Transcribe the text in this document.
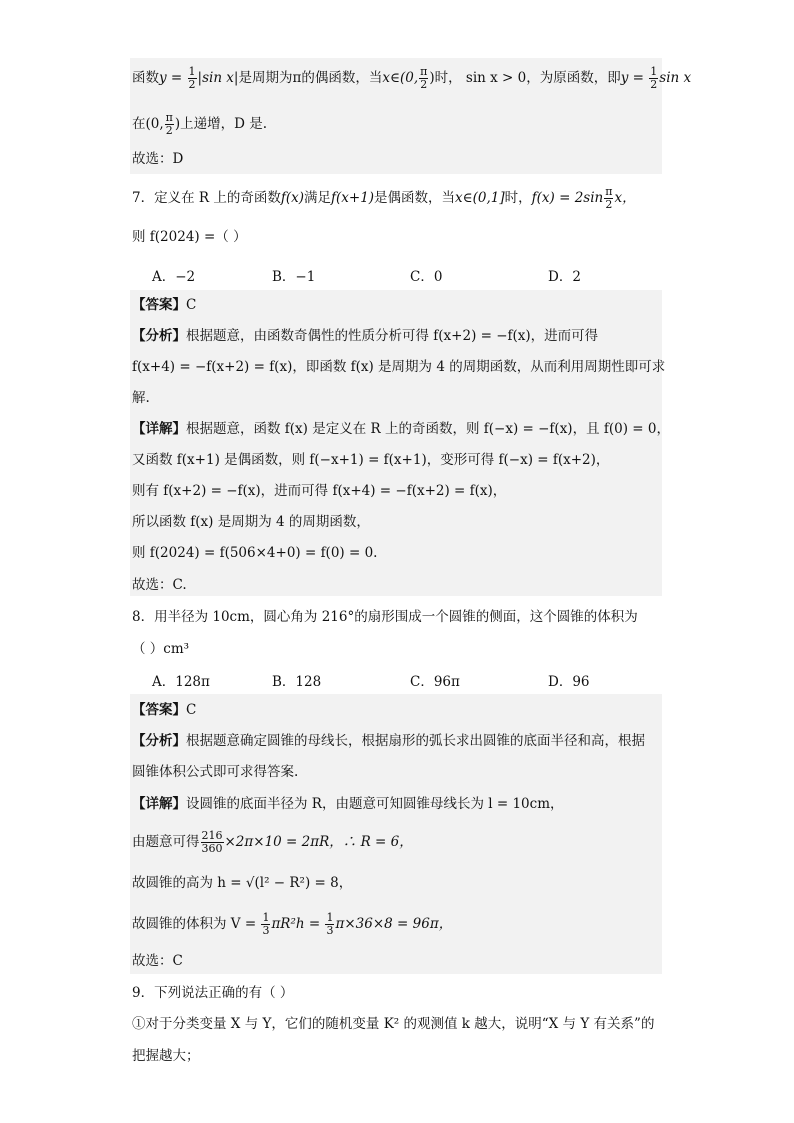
函数$y = \frac{1}{2} |\sin$ x|是周期为π的偶函数，当x∈(0, $\frac{\pi}{2}$ )时， sin x > 0，为原函数，即$y = \frac{1}{2}$ sin x
在(0, $\frac{\pi}{2}$ )上递增，D 是.
故选：D
7．定义在 R 上的奇函数f(x)满足f(x+1)是偶函数，当x∈(0,1]时，$f(x) = 2\sin \frac{\pi}{2}$ x，
则 f(2024) =（ ）
A．−2	B．−1	C．0	D．2
【答案】C
【分析】根据题意，由函数奇偶性的性质分析可得 f(x+2) = −f(x)，进而可得
f(x+4) = −f(x+2) = f(x)，即函数 f(x) 是周期为 4 的周期函数，从而利用周期性即可求
解.
【详解】根据题意，函数 f(x) 是定义在 R 上的奇函数，则 f(−x) = −f(x)，且 f(0) = 0，
又函数 f(x+1) 是偶函数，则 f(−x+1) = f(x+1)，变形可得 f(−x) = f(x+2)，
则有 f(x+2) = −f(x)，进而可得 f(x+4) = −f(x+2) = f(x)，
所以函数 f(x) 是周期为 4 的周期函数，
则 f(2024) = f(506×4+0) = f(0) = 0.
故选：C.
8．用半径为 10cm，圆心角为 216°的扇形围成一个圆锥的侧面，这个圆锥的体积为
（ ）cm³
A．128π	B．128	C．96π	D．96
【答案】C
【分析】根据题意确定圆锥的母线长，根据扇形的弧长求出圆锥的底面半径和高，根据
圆锥体积公式即可求得答案.
【详解】设圆锥的底面半径为 R，由题意可知圆锥母线长为 l = 10cm，
由题意可得 $\frac{216}{360} \times 2\pi\times 10 = 2\pi R$，∴ R = 6，
故圆锥的高为 h = √(l² − R²) = 8，
故圆锥的体积为 $V = \frac{1}{3} \pi R^2h = \frac{1}{3} \pi\times 36\times 8 = 96\pi$，
故选：C
9．下列说法正确的有（ ）
①对于分类变量 X 与 Y，它们的随机变量 K² 的观测值 k 越大，说明“X 与 Y 有关系”的
把握越大；
